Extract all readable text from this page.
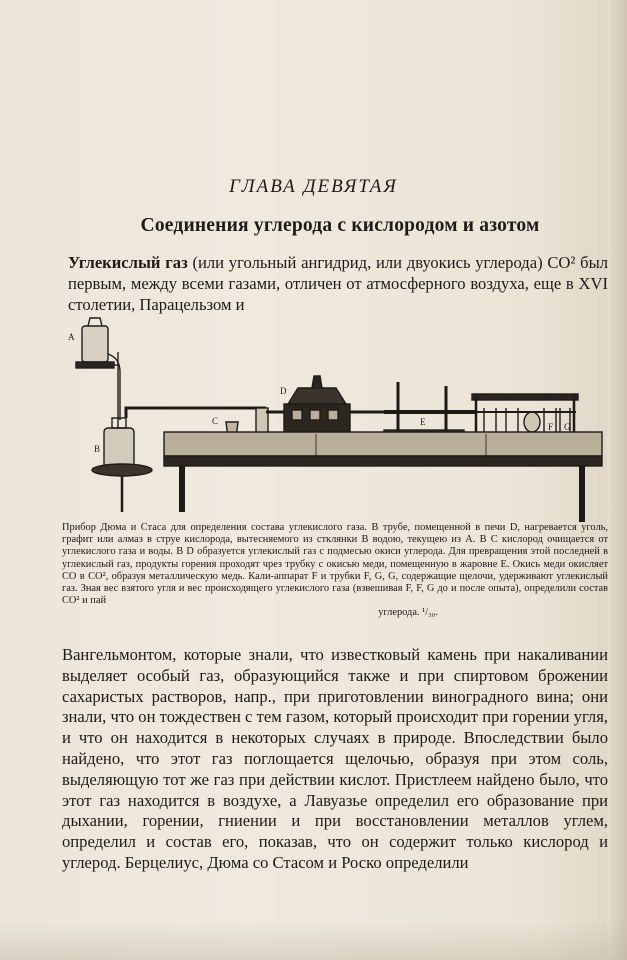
ГЛАВА ДЕВЯТАЯ
Соединения углерода с кислородом и азотом
Углекислый газ (или угольный ангидрид, или двуокись углерода) CO² был первым, между всеми газами, отличен от атмосферного воздуха, еще в XVI столетии, Парацельзом и
A
B
C
D
E	F G
Прибор Дюма и Стаса для определения состава углекислого газа. В трубе, помещенной в печи D, нагревается уголь, графит или алмаз в струе кислорода, вытесняемого из стклянки B водою, текущею из A. В C кислород очищается от углекислого газа и воды. В D образуется углекислый газ с подмесью окиси углерода. Для превращения этой последней в углекислый газ, продукты горения проходят чрез трубку с окисью меди, помещенную в жаровне E. Окись меди окисляет CO в CO², образуя металлическую медь. Кали-аппарат F и трубки F, G, G, содержащие щелочи, удерживают углекислый газ. Зная вес взятого угля и вес происходящего углекислого газа (взвешивая F, F, G до и после опыта), определили состав CO² и пай
углерода. ¹/₃₀.
Вангельмонтом, которые знали, что известковый камень при накаливании выделяет особый газ, образующийся также и при спиртовом брожении сахаристых растворов, напр., при приготовлении виноградного вина; они знали, что он тождествен с тем газом, который происходит при горении угля, и что он находится в некоторых случаях в природе. Впоследствии было найдено, что этот газ поглощается щелочью, образуя при этом соль, выделяющую тот же газ при действии кислот. Пристлеем найдено было, что этот газ находится в воздухе, а Лавуазье определил его образование при дыхании, горении, гниении и при восстановлении металлов углем, определил и состав его, показав, что он содержит только кислород и углерод. Берцелиус, Дюма со Стасом и Роско определили
